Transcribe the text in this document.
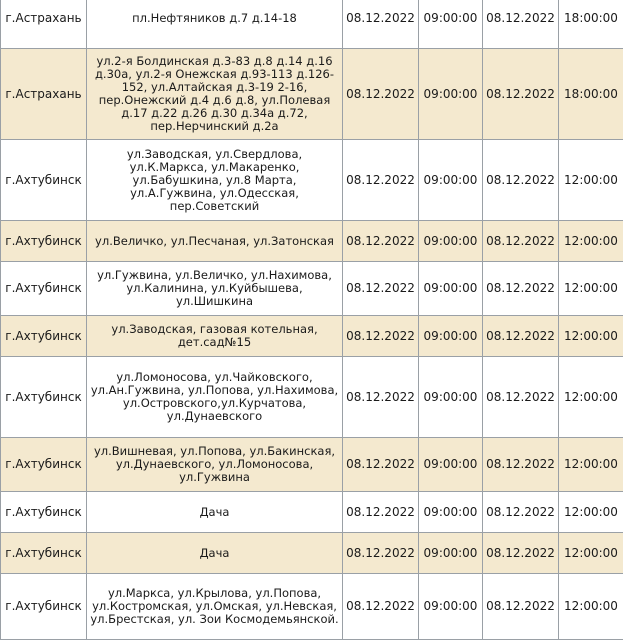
г.Астрахань	пл.Нефтяников д.7 д.14-18	08.12.2022	09:00:00	08.12.2022	18:00:00
г.Астрахань	ул.2-я Болдинская д.3-83 д.8 д.14 д.16 д.30а, ул.2-я Онежская д.93-113 д.126-152, ул.Алтайская д.3-19 2-16, пер.Онежский д.4 д.6 д.8, ул.Полевая д.17 д.22 д.26 д.30 д.34а д.72, пер.Нерчинский д.2а	08.12.2022	09:00:00	08.12.2022	18:00:00
г.Ахтубинск	ул.Заводская, ул.Свердлова, ул.К.Маркса, ул.Макаренко, ул.Бабушкина, ул.8 Марта, ул.А.Гужвина, ул.Одесская, пер.Советский	08.12.2022	09:00:00	08.12.2022	12:00:00
г.Ахтубинск	ул.Величко, ул.Песчаная, ул.Затонская	08.12.2022	09:00:00	08.12.2022	12:00:00
г.Ахтубинск	ул.Гужвина, ул.Величко, ул.Нахимова, ул.Калинина, ул.Куйбышева, ул.Шишкина	08.12.2022	09:00:00	08.12.2022	12:00:00
г.Ахтубинск	ул.Заводская, газовая котельная, дет.сад№15	08.12.2022	09:00:00	08.12.2022	12:00:00
г.Ахтубинск	ул.Ломоносова, ул.Чайковского, ул.Ан.Гужвина, ул.Попова, ул.Нахимова, ул.Островского,ул.Курчатова, ул.Дунаевского	08.12.2022	09:00:00	08.12.2022	12:00:00
г.Ахтубинск	ул.Вишневая, ул.Попова, ул.Бакинская, ул.Дунаевского, ул.Ломоносова, ул.Гужвина	08.12.2022	09:00:00	08.12.2022	12:00:00
г.Ахтубинск	Дача	08.12.2022	09:00:00	08.12.2022	12:00:00
г.Ахтубинск	Дача	08.12.2022	09:00:00	08.12.2022	12:00:00
г.Ахтубинск	ул.Маркса, ул.Крылова, ул.Попова, ул.Костромская, ул.Омская, ул.Невская, ул.Брестская, ул. Зои Космодемьянской.	08.12.2022	09:00:00	08.12.2022	12:00:00
